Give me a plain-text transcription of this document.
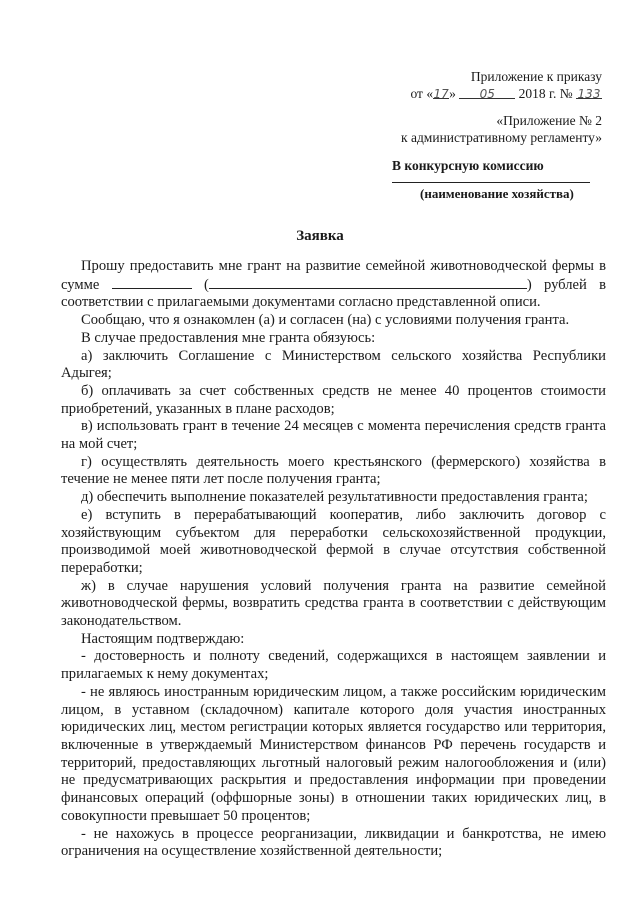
Приложение к приказу
от «17» 05 2018 г. № 133
«Приложение № 2
к административному регламенту»
В конкурсную комиссию
(наименование хозяйства)
Заявка

Прошу предоставить мне грант на развитие семейной животноводческой фермы в сумме	(	) рублей в соответствии с прилагаемыми документами согласно представленной описи.

Сообщаю, что я ознакомлен (а) и согласен (на) с условиями получения гранта.

В случае предоставления мне гранта обязуюсь:

а) заключить Соглашение с Министерством сельского хозяйства Республики Адыгея;

б) оплачивать за счет собственных средств не менее 40 процентов стоимости приобретений, указанных в плане расходов;

в) использовать грант в течение 24 месяцев с момента перечисления средств гранта на мой счет;

г) осуществлять деятельность моего крестьянского (фермерского) хозяйства в течение не менее пяти лет после получения гранта;

д) обеспечить выполнение показателей результативности предоставления гранта;

е) вступить в перерабатывающий кооператив, либо заключить договор с хозяйствующим субъектом для переработки сельскохозяйственной продукции, производимой моей животноводческой фермой в случае отсутствия собственной переработки;

ж) в случае нарушения условий получения гранта на развитие семейной животноводческой фермы, возвратить средства гранта в соответствии с действующим законодательством.

Настоящим подтверждаю:

- достоверность и полноту сведений, содержащихся в настоящем заявлении и прилагаемых к нему документах;

- не являюсь иностранным юридическим лицом, а также российским юридическим лицом, в уставном (складочном) капитале которого доля участия иностранных юридических лиц, местом регистрации которых является государство или территория, включенные в утверждаемый Министерством финансов РФ перечень государств и территорий, предоставляющих льготный налоговый режим налогообложения и (или) не предусматривающих раскрытия и предоставления информации при проведении финансовых операций (оффшорные зоны) в отношении таких юридических лиц, в совокупности превышает 50 процентов;

- не нахожусь в процессе реорганизации, ликвидации и банкротства, не имею ограничения на осуществление хозяйственной деятельности;
